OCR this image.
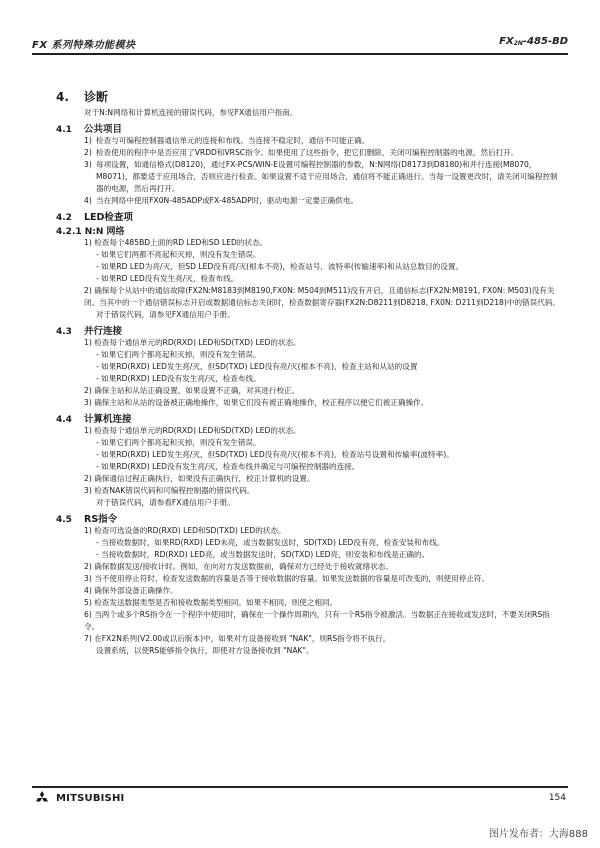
FX 系列特殊功能模块	$FX_{2N}-485-BD$
4.	诊断
对于N:N网络和计算机连接的错误代码，参见FX通信用户指南。
4.1	公共项目
1) 检查与可编程控制器通信单元的连接和布线。当连接不稳定时，通信不可能正确。
2) 检查使用的程序中是否应用了VRDD和VRSC指令。如果使用了这些指令，把它们删除，关闭可编程控制器的电源，然后打开。
3) 每项设置，如通信格式(D8120)，通过FX-PCS/WIN-E设置可编程控制器的参数，N:N网络(D8173到D8180)和并行连接(M8070，M8071)，都要适于应用场合，否则应进行检查。如果设置不适于应用场合，通信将不能正确进行。当每一设置更改时，请关闭可编程控制器的电源，然后再打开。
4) 当在网络中使用FX0N-485ADP或FX-485ADP时，驱动电源一定要正确供电。
4.2	LED检查项
4.2.1 N:N 网络
1) 检查每个485BD上面的RD LED和SD LED的状态。
- 如果它们两都不亮起和灭掉，则没有发生错误。
- 如果RD LED为亮/灭，但SD LED没有亮/灭(根本不亮)，检查站号，波特率(传输速率)和从站总数目的设置。
- 如果RD LED没有发生亮/灭，检查布线。
2) 确保每个从站中的通信故障(FX2N:M8183到M8190,FX0N: M504到M511)没有开启，且通信标志(FX2N:M8191, FX0N: M503)没有关闭。当其中的一个通信错误标志开启或数据通信标志关闭时，检查数据寄存器(FX2N:D8211到D8218, FX0N: D211到D218)中的错误代码。
对于错误代码，请参见FX通信用户手册。
4.3	并行连接
1) 检查每个通信单元的RD(RXD) LED和SD(TXD) LED的状态。
- 如果它们两个都亮起和灭掉，则没有发生错误。
- 如果RD(RXD) LED发生亮/灭，但SD(TXD) LED没有亮/灭(根本不亮)，检查主站和从站的设置
- 如果RD(RXD) LED没有发生亮/灭，检查布线。
2) 确保主站和从站正确设置，如果设置不正确，对其进行校正。
3) 确保主站和从站的设备被正确地操作，如果它们没有被正确地操作，校正程序以便它们被正确操作。
4.4	计算机连接
1) 检查每个通信单元的RD(RXD) LED和SD(TXD) LED的状态。
- 如果它们两个都亮起和灭掉，则没有发生错误。
- 如果RD(RXD) LED发生亮/灭，但SD(TXD) LED没有亮/灭(根本不亮)，检查站号设置和传输率(波特率)。
- 如果RD(RXD) LED没有发生亮/灭，检查布线并确定与可编程控制器的连接。
2) 确保通信过程正确执行，如果没有正确执行，校正计算机的设置。
3) 检查NAK错误代码和可编程控制器的错误代码。
对于错误代码，请参看FX通信用户手册。
4.5	RS指令
1) 检查可选设备的RD(RXD) LED和SD(TXD) LED的状态。
- 当接收数据时，如果RD(RXD) LED未亮，或当数据发送时，SD(TXD) LED没有亮，检查安装和布线。
- 当接收数据时，RD(RXD) LED亮，或当数据发送时，SD(TXD) LED亮，则安装和布线是正确的。
2) 确保数据发送/接收计时。例如，在向对方发送数据前，确保对方已经处于接收就绪状态。
3) 当不使用停止符时，检查发送数据的容量是否等于接收数据的容量。如果发送数据的容量是可改变的，则使用停止符。
4) 确保外部设备正确操作。
5) 检查发送数据类型是否和接收数据类型相同。如果不相同，则使之相同。
6) 当两个或多个RS指令在一个程序中使用时，确保在一个操作周期内，只有一个RS指令被激活。当数据正在接收或发送时，不要关闭RS指令。
7) 在FX2N系列(V2.00或以后版本)中，如果对方设备接收到 "NAK"，则RS指令将不执行。
设置系统，以使RS能够指令执行，即使对方设备接收到 "NAK"。
MITSUBISHI	154
图片发布者：大海888
